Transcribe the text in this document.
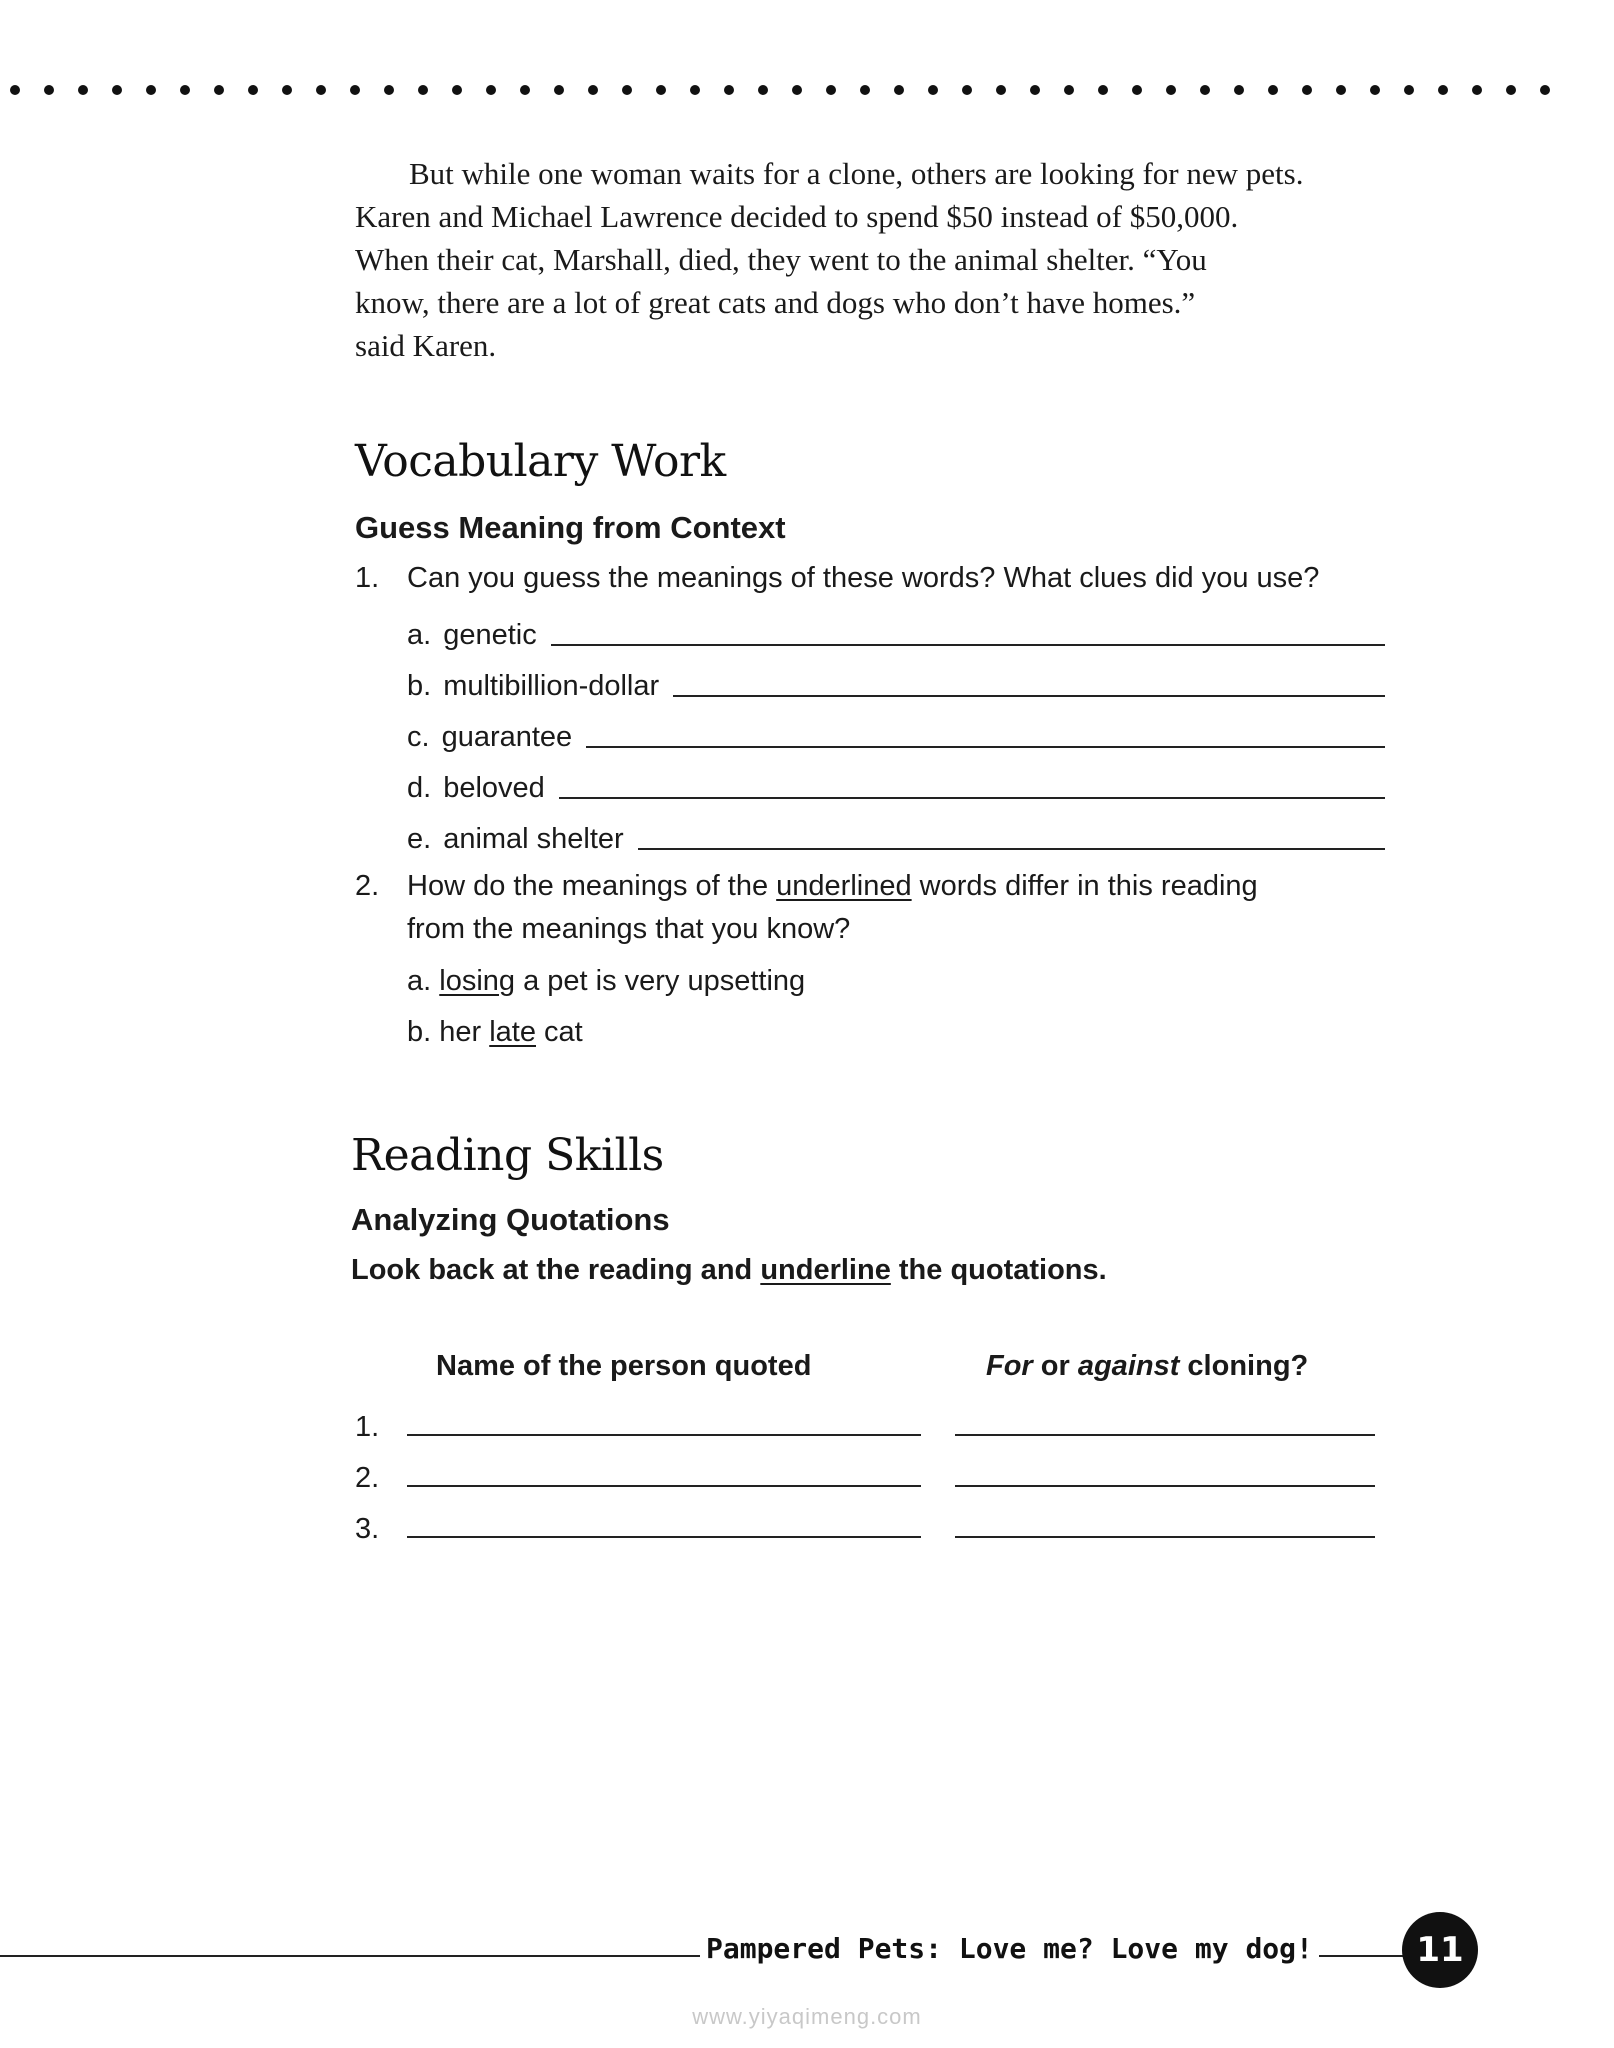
But while one woman waits for a clone, others are looking for new pets.
Karen and Michael Lawrence decided to spend $50 instead of $50,000.
When their cat, Marshall, died, they went to the animal shelter. “You
know, there are a lot of great cats and dogs who don’t have homes.”
said Karen.
Vocabulary Work
Guess Meaning from Context
1. Can you guess the meanings of these words? What clues did you use?
a. genetic
b. multibillion-dollar
c. guarantee
d. beloved
e. animal shelter
2. How do the meanings of the underlined words differ in this reading
from the meanings that you know?
a. losing a pet is very upsetting
b. her late cat
Reading Skills
Analyzing Quotations
Look back at the reading and underline the quotations.
Name of the person quoted	For or against cloning?
1.
2.
3.
Pampered Pets: Love me? Love my dog!	11
www.yiyaqimeng.com
